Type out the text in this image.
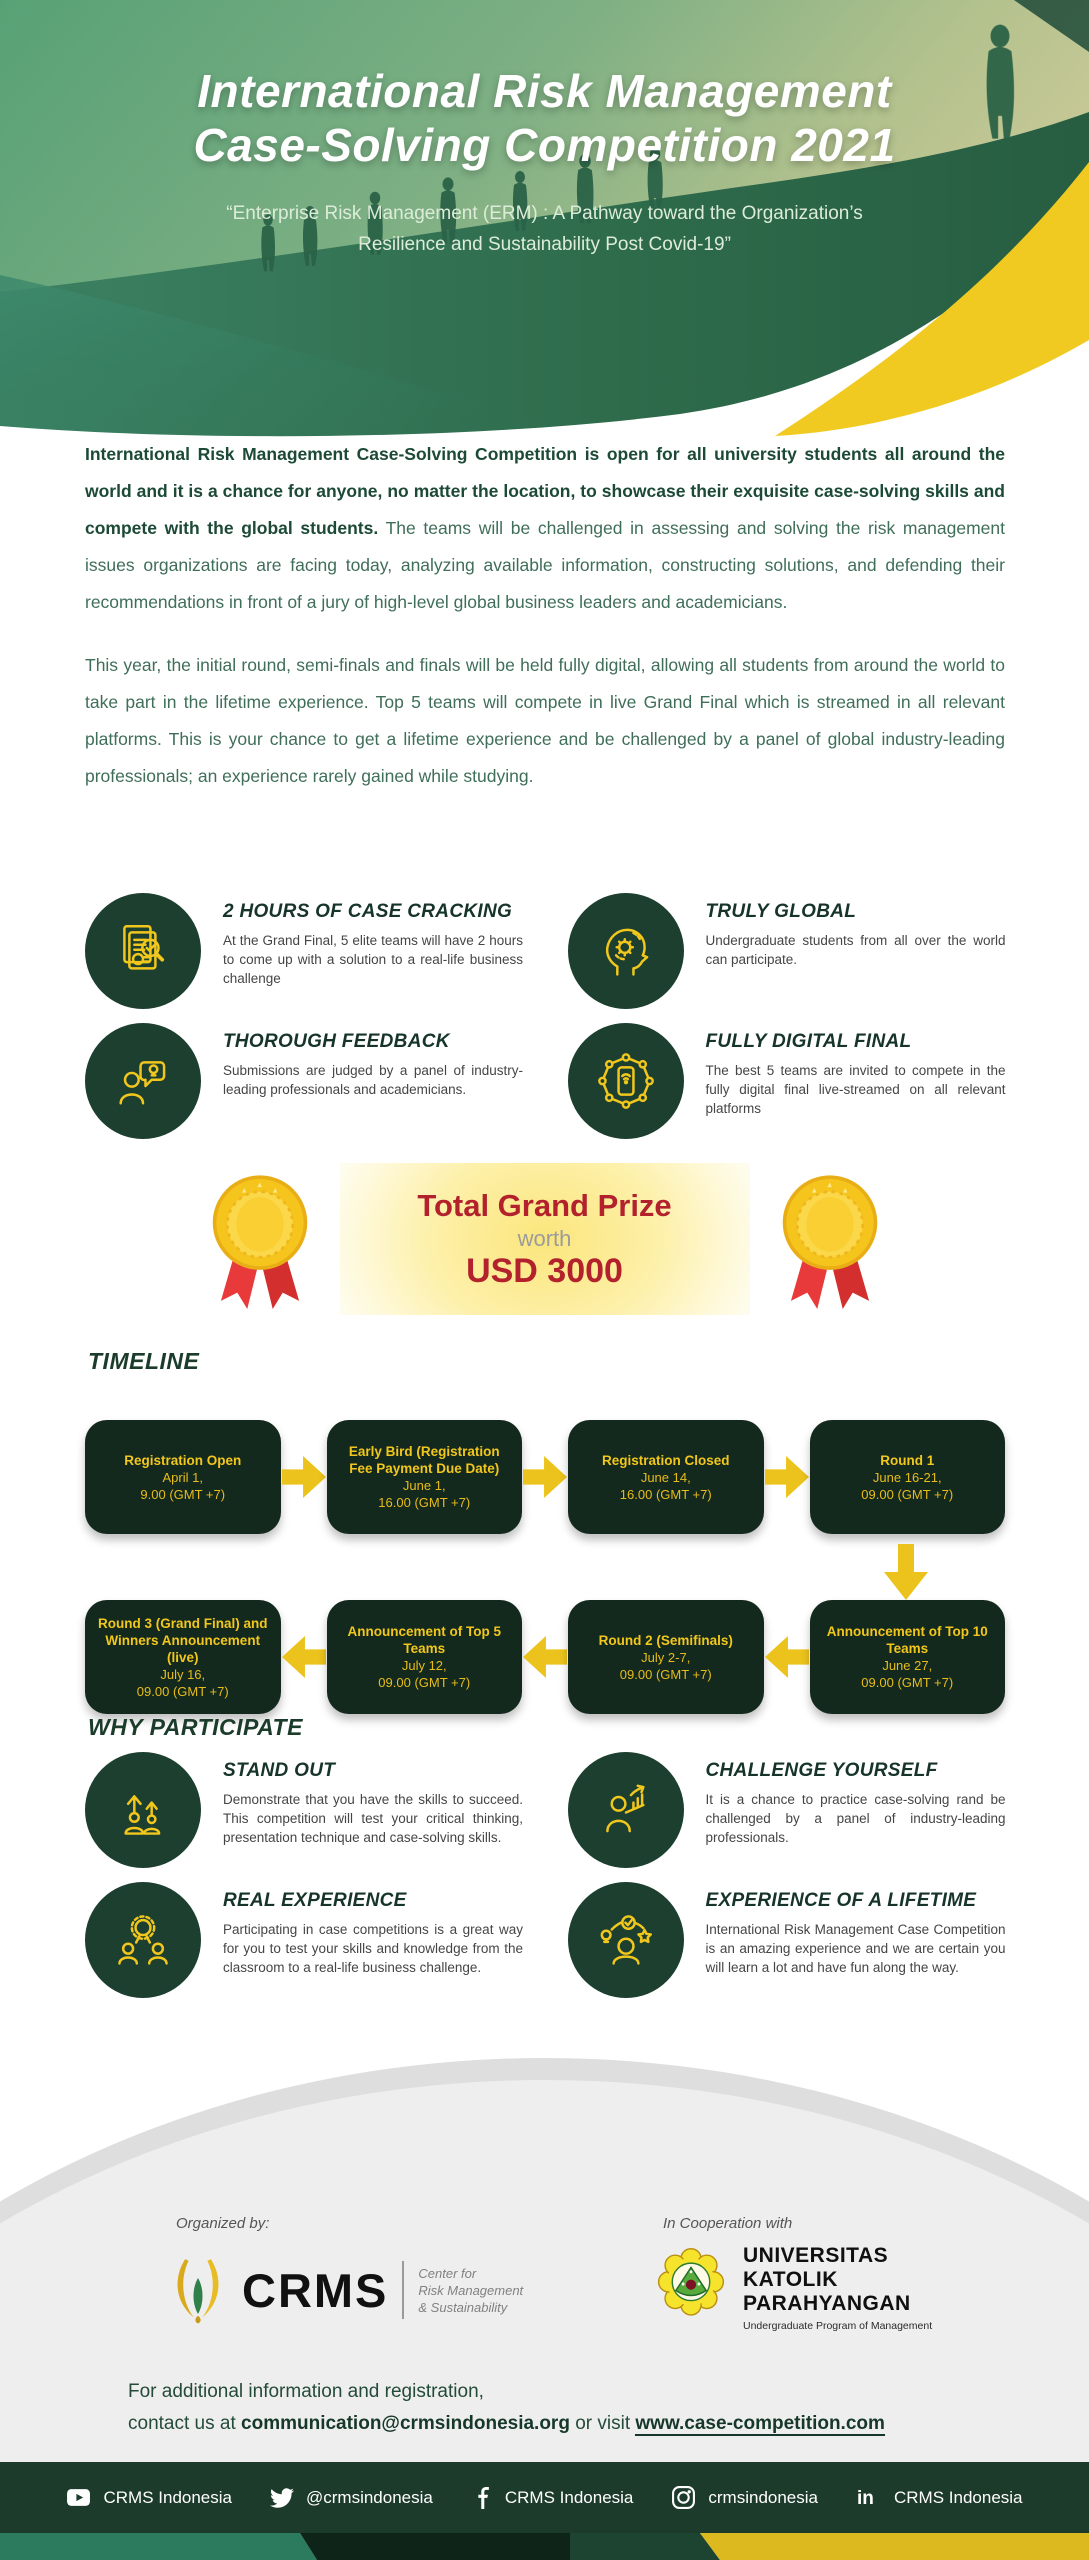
International Risk Management
Case-Solving Competition 2021
“Enterprise Risk Management (ERM) : A Pathway toward the Organization’s
Resilience and Sustainability Post Covid-19”

International Risk Management Case-Solving Competition is open for all university students all around the world and it is a chance for anyone, no matter the location, to showcase their exquisite case-solving skills and compete with the global students. The teams will be challenged in assessing and solving the risk management issues organizations are facing today, analyzing available information, constructing solutions, and defending their recommendations in front of a jury of high-level global business leaders and academicians.

This year, the initial round, semi-finals and finals will be held fully digital, allowing all students from around the world to take part in the lifetime experience. Top 5 teams will compete in live Grand Final which is streamed in all relevant platforms. This is your chance to get a lifetime experience and be challenged by a panel of global industry-leading professionals; an experience rarely gained while studying.

2 HOURS OF CASE CRACKING
At the Grand Final, 5 elite teams will have 2 hours to come up with a solution to a real-life business challenge
TRULY GLOBAL
Undergraduate students from all over the world can participate.
THOROUGH FEEDBACK
Submissions are judged by a panel of industry-leading professionals and academicians.
FULLY DIGITAL FINAL
The best 5 teams are invited to compete in the fully digital final live-streamed on all relevant platforms
Total Grand Prize
worth
USD 3000
TIMELINE
Registration Open
April 1,
9.00 (GMT +7)
Early Bird (Registration Fee Payment Due Date)
June 1,
16.00 (GMT +7)
Registration Closed
June 14,
16.00 (GMT +7)
Round 1
June 16-21,
09.00 (GMT +7)
Round 3 (Grand Final) and Winners Announcement (live)
July 16,
09.00 (GMT +7)
Announcement of Top 5 Teams
July 12,
09.00 (GMT +7)
Round 2 (Semifinals)
July 2-7,
09.00 (GMT +7)
Announcement of Top 10 Teams
June 27,
09.00 (GMT +7)
WHY PARTICIPATE
STAND OUT
Demonstrate that you have the skills to succeed. This competition will test your critical thinking, presentation technique and case-solving skills.
CHALLENGE YOURSELF
It is a chance to practice case-solving rand be challenged by a panel of industry-leading professionals.
REAL EXPERIENCE
Participating in case competitions is a great way for you to test your skills and knowledge from the classroom to a real-life business challenge.
EXPERIENCE OF A LIFETIME
International Risk Management Case Competition is an amazing experience and we are certain you will learn a lot and have fun along the way.
Organized by:
CRMS Center for
Risk Management
& Sustainability
In Cooperation with
UNIVERSITAS
KATOLIK
PARAHYANGAN
Undergraduate Program of Management
For additional information and registration,
contact us at communication@crmsindonesia.org or visit www.case-competition.com
CRMS Indonesia	@crmsindonesia	CRMS Indonesia	crmsindonesia in CRMS Indonesia
